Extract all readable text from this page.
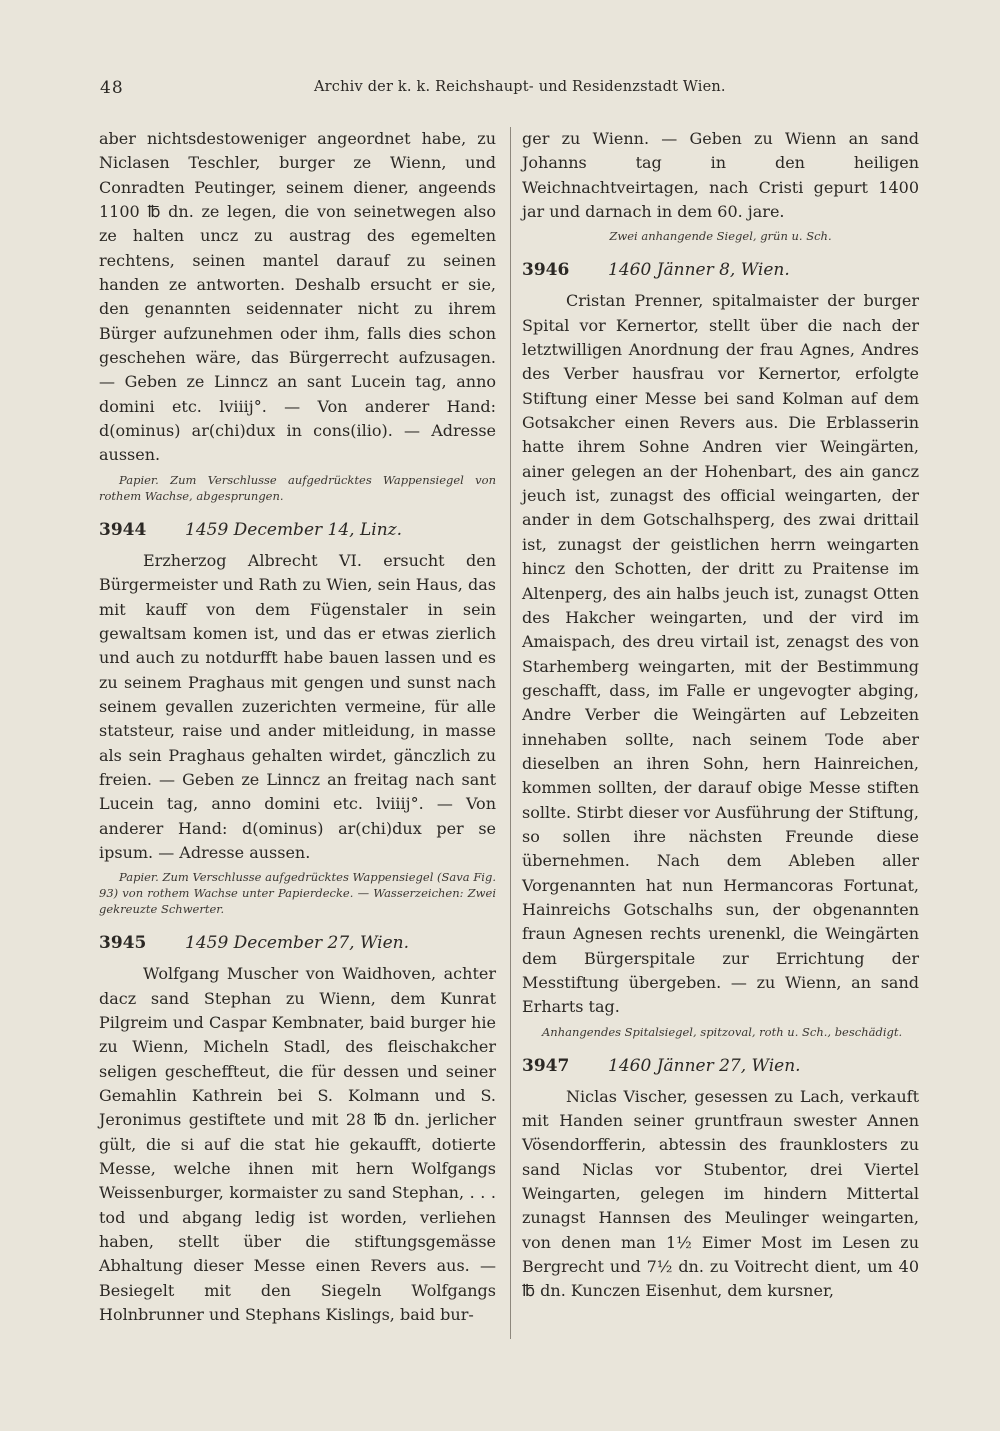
48	Archiv der k. k. Reichshaupt- und Residenzstadt Wien.

aber nichtsdestoweniger angeordnet habe, zu Niclasen Teschler, burger ze Wienn, und Conradten Peutinger, seinem diener, angeends 1100 ℔ dn. ze legen, die von seinetwegen also ze halten uncz zu austrag des egemelten rechtens, seinen mantel darauf zu seinen handen ze antworten. Deshalb ersucht er sie, den genannten seidennater nicht zu ihrem Bürger aufzunehmen oder ihm, falls dies schon geschehen wäre, das Bürgerrecht aufzusagen. — Geben ze Linncz an sant Lucein tag, anno domini etc. lviiij°. — Von anderer Hand: d(ominus) ar(chi)dux in cons(ilio). — Adresse aussen.

Papier. Zum Verschlusse aufgedrücktes Wappensiegel von rothem Wachse, abgesprungen.
3944	1459 December 14, Linz.

Erzherzog Albrecht VI. ersucht den Bürgermeister und Rath zu Wien, sein Haus, das mit kauff von dem Fügenstaler in sein gewaltsam komen ist, und das er etwas zierlich und auch zu notdurfft habe bauen lassen und es zu seinem Praghaus mit gengen und sunst nach seinem gevallen zuzerichten vermeine, für alle statsteur, raise und ander mitleidung, in masse als sein Praghaus gehalten wirdet, gänczlich zu freien. — Geben ze Linncz an freitag nach sant Lucein tag, anno domini etc. lviiij°. — Von anderer Hand: d(ominus) ar(chi)dux per se ipsum. — Adresse aussen.

Papier. Zum Verschlusse aufgedrücktes Wappensiegel (Sava Fig. 93) von rothem Wachse unter Papierdecke. — Wasserzeichen: Zwei gekreuzte Schwerter.
3945	1459 December 27, Wien.

Wolfgang Muscher von Waidhoven, achter dacz sand Stephan zu Wienn, dem Kunrat Pilgreim und Caspar Kembnater, baid burger hie zu Wienn, Micheln Stadl, des fleischakcher seligen gescheffteut, die für dessen und seiner Gemahlin Kathrein bei S. Kolmann und S. Jeronimus gestiftete und mit 28 ℔ dn. jerlicher gült, die si auf die stat hie gekaufft, dotierte Messe, welche ihnen mit hern Wolfgangs Weissenburger, kormaister zu sand Stephan, . . . tod und abgang ledig ist worden, verliehen haben, stellt über die stiftungsgemässe Abhaltung dieser Messe einen Revers aus. — Besiegelt mit den Siegeln Wolfgangs Holnbrunner und Stephans Kislings, baid bur-

ger zu Wienn. — Geben zu Wienn an sand Johanns tag in den heiligen Weichnachtveirtagen, nach Cristi gepurt 1400 jar und darnach in dem 60. jare.

Zwei anhangende Siegel, grün u. Sch.
3946	1460 Jänner 8, Wien.

Cristan Prenner, spitalmaister der burger Spital vor Kernertor, stellt über die nach der letztwilligen Anordnung der frau Agnes, Andres des Verber hausfrau vor Kernertor, erfolgte Stiftung einer Messe bei sand Kolman auf dem Gotsakcher einen Revers aus. Die Erblasserin hatte ihrem Sohne Andren vier Weingärten, ainer gelegen an der Hohenbart, des ain gancz jeuch ist, zunagst des official weingarten, der ander in dem Gotschalhsperg, des zwai drittail ist, zunagst der geistlichen herrn weingarten hincz den Schotten, der dritt zu Praitense im Altenperg, des ain halbs jeuch ist, zunagst Otten des Hakcher weingarten, und der vird im Amaispach, des dreu virtail ist, zenagst des von Starhemberg weingarten, mit der Bestimmung geschafft, dass, im Falle er ungevogter abging, Andre Verber die Weingärten auf Lebzeiten innehaben sollte, nach seinem Tode aber dieselben an ihren Sohn, hern Hainreichen, kommen sollten, der darauf obige Messe stiften sollte. Stirbt dieser vor Ausführung der Stiftung, so sollen ihre nächsten Freunde diese übernehmen. Nach dem Ableben aller Vorgenannten hat nun Hermancoras Fortunat, Hainreichs Gotschalhs sun, der obgenannten fraun Agnesen rechts urenenkl, die Weingärten dem Bürgerspitale zur Errichtung der Messtiftung übergeben. — zu Wienn, an sand Erharts tag.

Anhangendes Spitalsiegel, spitzoval, roth u. Sch., beschädigt.
3947	1460 Jänner 27, Wien.

Niclas Vischer, gesessen zu Lach, verkauft mit Handen seiner gruntfraun swester Annen Vösendorfferin, abtessin des fraunklosters zu sand Niclas vor Stubentor, drei Viertel Weingarten, gelegen im hindern Mittertal zunagst Hannsen des Meulinger weingarten, von denen man 1½ Eimer Most im Lesen zu Bergrecht und 7½ dn. zu Voitrecht dient, um 40 ℔ dn. Kunczen Eisenhut, dem kursner,
